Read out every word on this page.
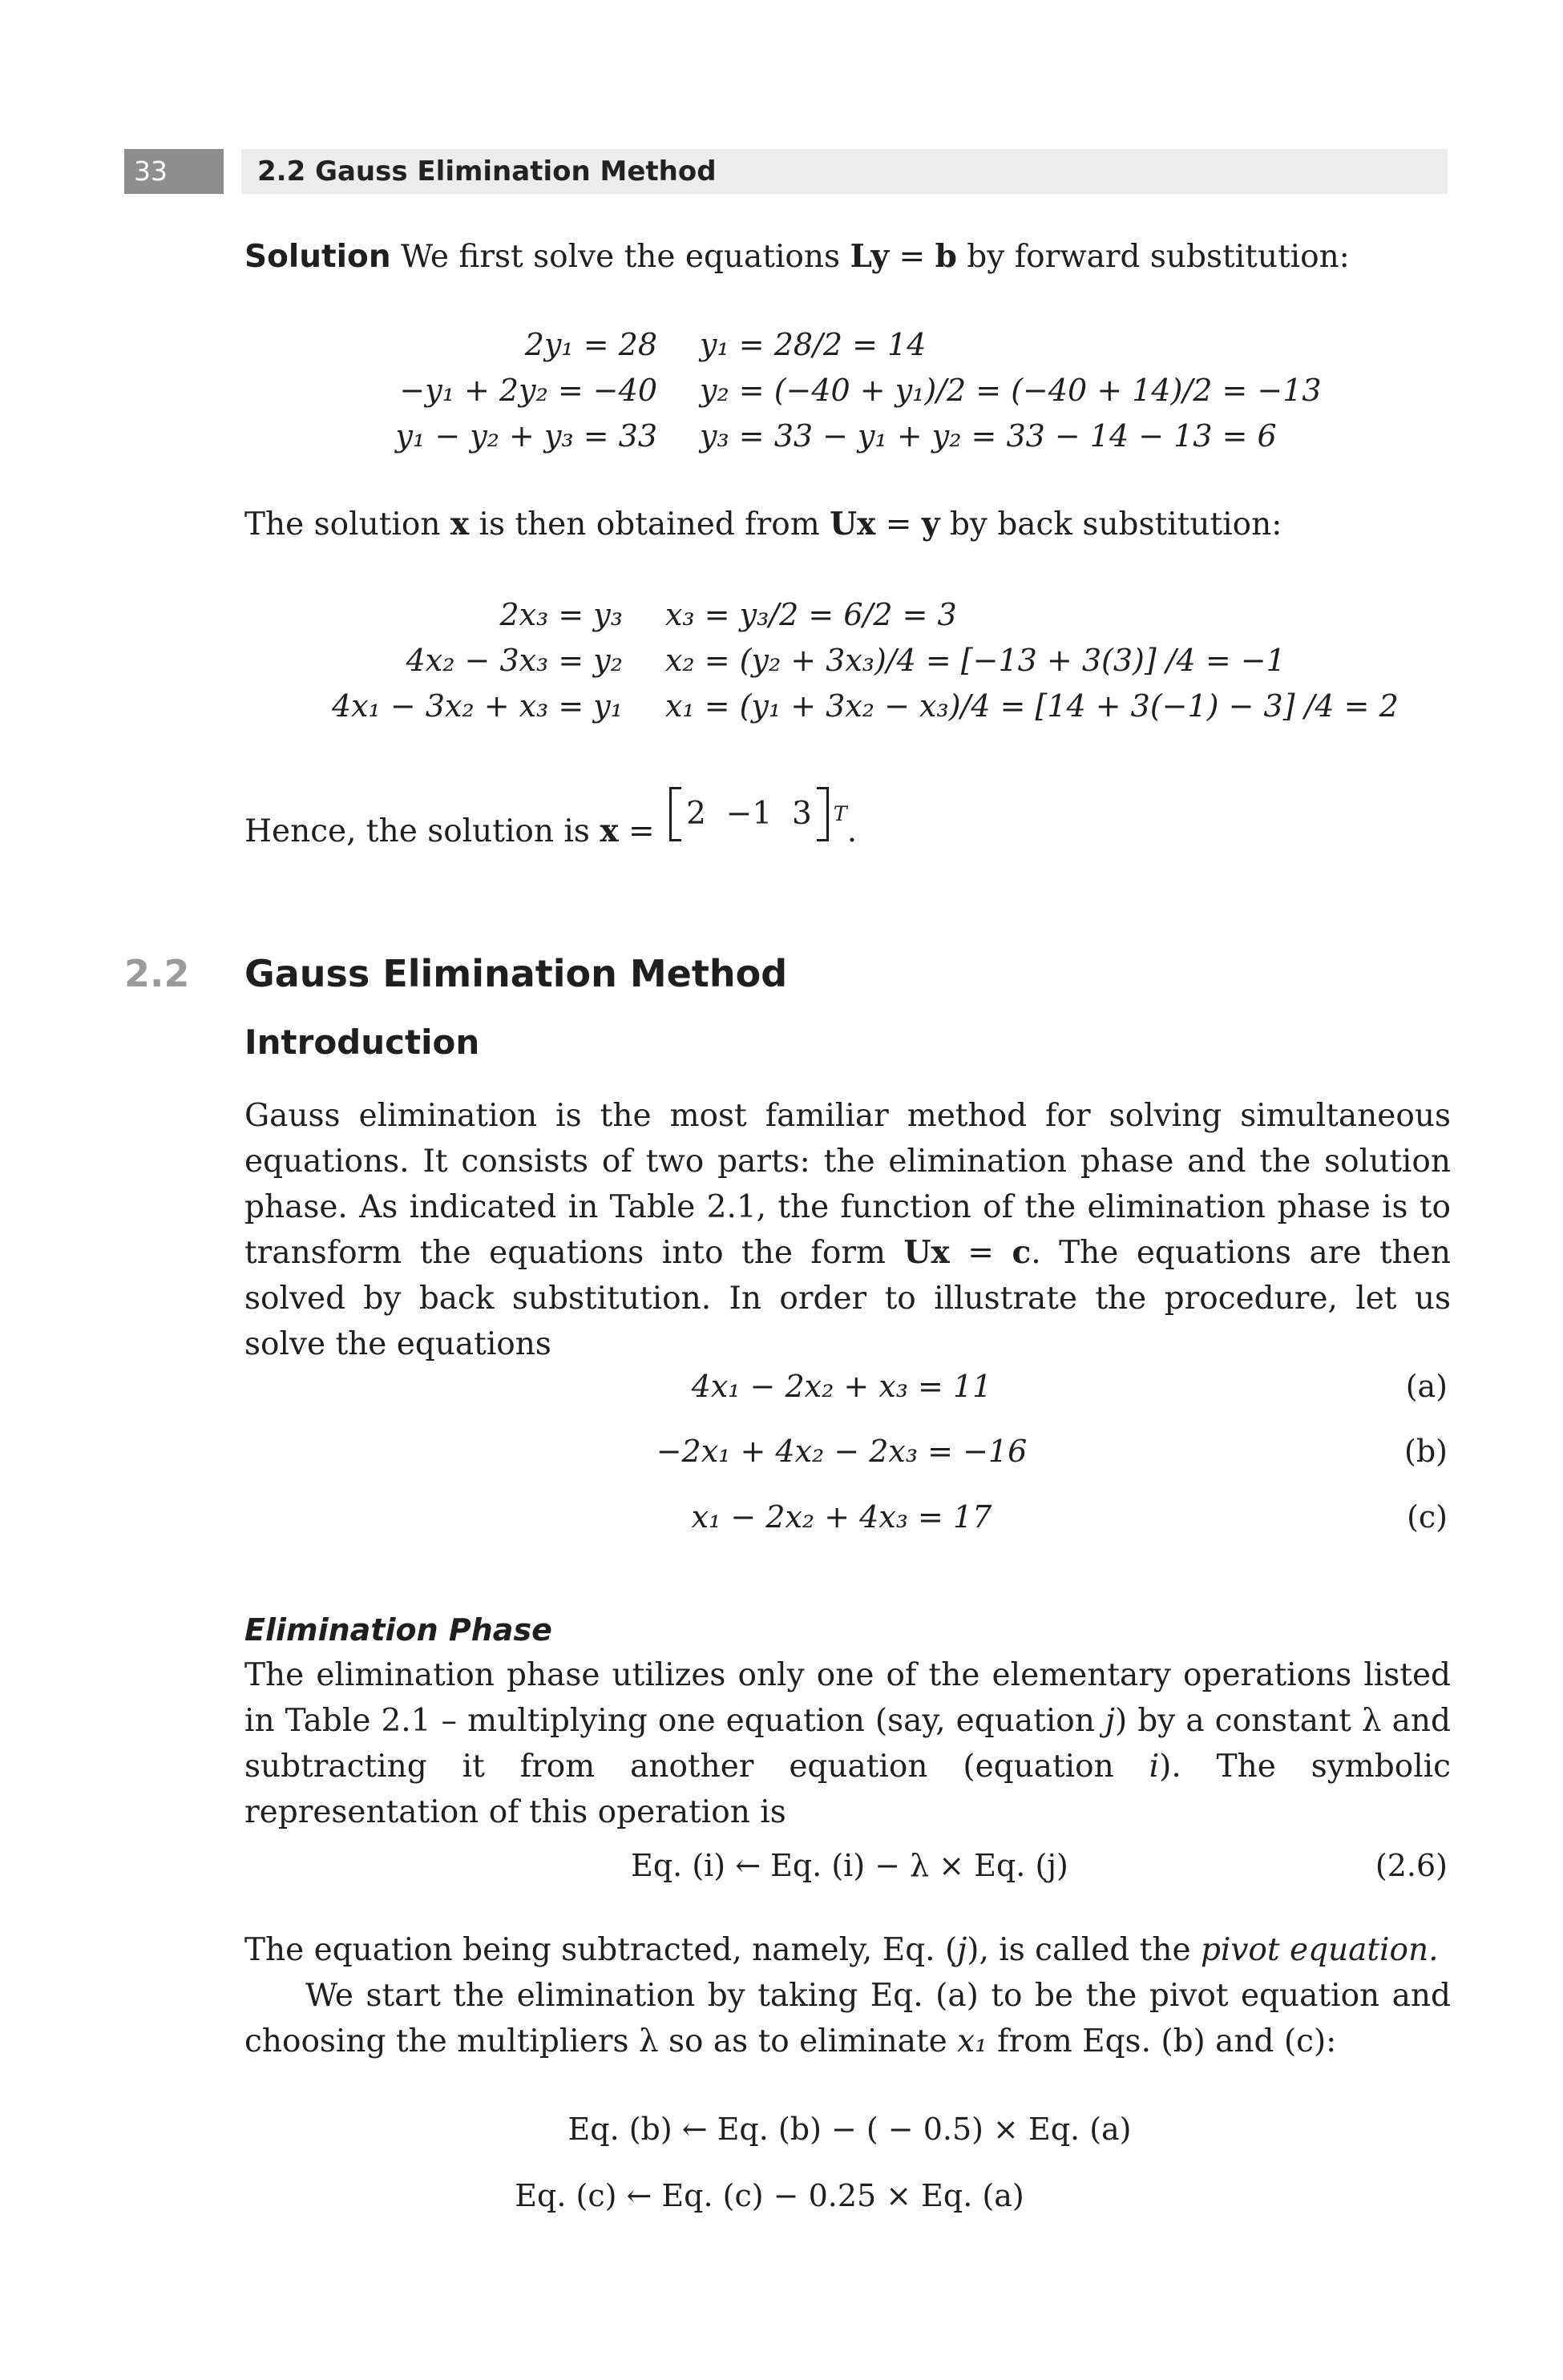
33	2.2 Gauss Elimination Method
Solution We first solve the equations Ly = b by forward substitution:
2y₁ = 28 y₁ = 28/2 = 14
−y₁ + 2y₂ = −40 y₂ = (−40 + y₁)/2 = (−40 + 14)/2 = −13
y₁ − y₂ + y₃ = 33 y₃ = 33 − y₁ + y₂ = 33 − 14 − 13 = 6
The solution x is then obtained from Ux = y by back substitution:
2x₃ = y₃ x₃ = y₃/2 = 6/2 = 3
4x₂ − 3x₃ = y₂ x₂ = (y₂ + 3x₃)/4 = [−13 + 3(3)] /4 = −1
4x₁ − 3x₂ + x₃ = y₁ x₁ = (y₁ + 3x₂ − x₃)/4 = [14 + 3(−1) − 3] /4 = 2
Hence, the solution is x = 2  −1  3 $^T$.
2.2 Gauss Elimination Method
Introduction
Gauss elimination is the most familiar method for solving simultaneous equations. It consists of two parts: the elimination phase and the solution phase. As indicated in Table 2.1, the function of the elimination phase is to transform the equations into the form Ux = c. The equations are then solved by back substitution. In order to illustrate the procedure, let us solve the equations
4x₁ − 2x₂ + x₃ = 11	(a)
−2x₁ + 4x₂ − 2x₃ = −16	(b)
x₁ − 2x₂ + 4x₃ = 17	(c)
Elimination Phase
The elimination phase utilizes only one of the elementary operations listed in Table 2.1 – multiplying one equation (say, equation j) by a constant λ and subtracting it from another equation (equation i). The symbolic representation of this operation is
Eq. (i) ← Eq. (i) − λ × Eq. (j)	(2.6)
The equation being subtracted, namely, Eq. (j), is called the pivot equation.
We start the elimination by taking Eq. (a) to be the pivot equation and choosing the multipliers λ so as to eliminate x₁ from Eqs. (b) and (c):
Eq. (b) ← Eq. (b) − ( − 0.5) × Eq. (a)
Eq. (c) ← Eq. (c) − 0.25 × Eq. (a)
